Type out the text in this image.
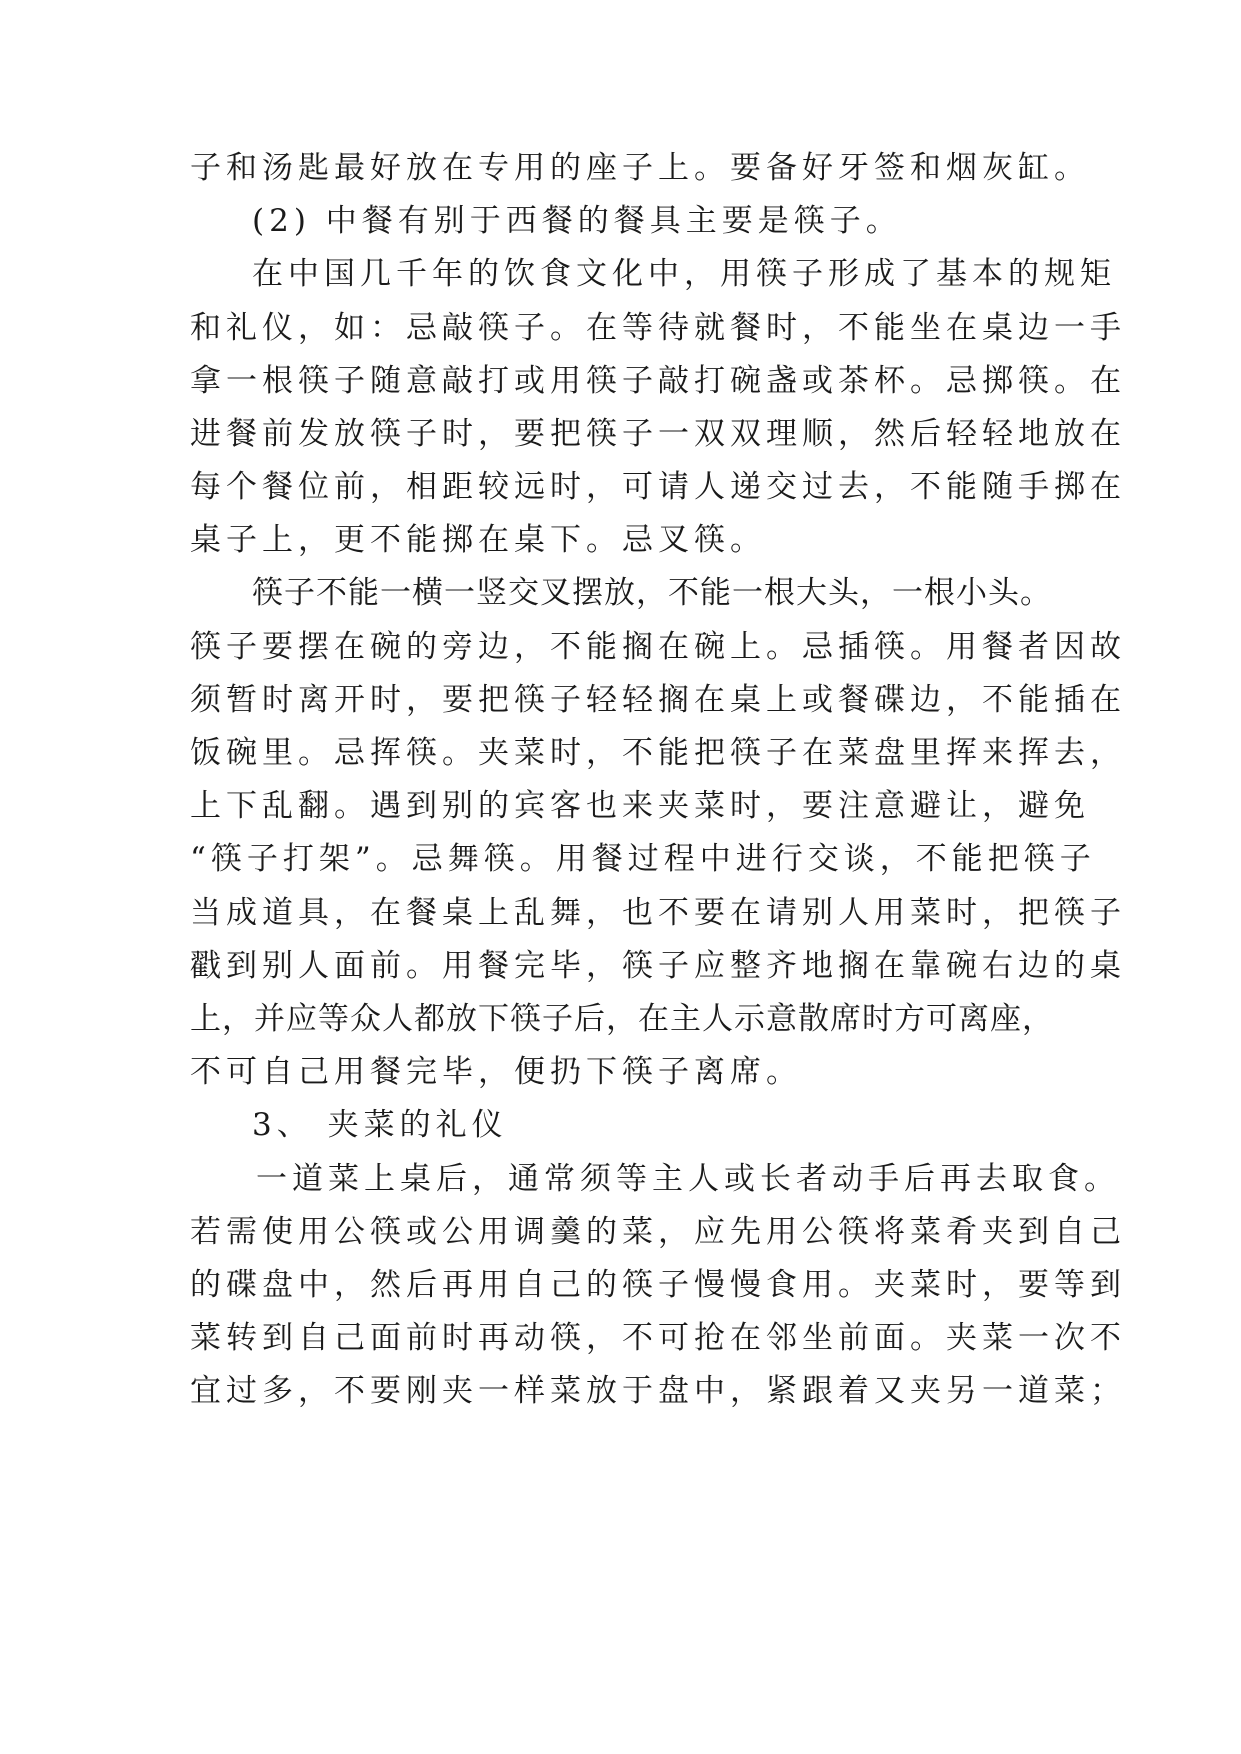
子和汤匙最好放在专用的座子上。要备好牙签和烟灰缸。
(2) 中餐有别于西餐的餐具主要是筷子。
在中国几千年的饮食文化中，用筷子形成了基本的规矩
和礼仪，如：忌敲筷子。在等待就餐时，不能坐在桌边一手
拿一根筷子随意敲打或用筷子敲打碗盏或茶杯。忌掷筷。在
进餐前发放筷子时，要把筷子一双双理顺，然后轻轻地放在
每个餐位前，相距较远时，可请人递交过去，不能随手掷在
桌子上，更不能掷在桌下。忌叉筷。
筷子不能一横一竖交叉摆放，不能一根大头，一根小头。
筷子要摆在碗的旁边，不能搁在碗上。忌插筷。用餐者因故
须暂时离开时，要把筷子轻轻搁在桌上或餐碟边，不能插在
饭碗里。忌挥筷。夹菜时，不能把筷子在菜盘里挥来挥去，
上下乱翻。遇到别的宾客也来夹菜时，要注意避让，避免
“筷子打架”。忌舞筷。用餐过程中进行交谈，不能把筷子
当成道具，在餐桌上乱舞，也不要在请别人用菜时，把筷子
戳到别人面前。用餐完毕，筷子应整齐地搁在靠碗右边的桌
上，并应等众人都放下筷子后，在主人示意散席时方可离座，
不可自己用餐完毕，便扔下筷子离席。
3、 夹菜的礼仪
一道菜上桌后，通常须等主人或长者动手后再去取食。
若需使用公筷或公用调羹的菜，应先用公筷将菜肴夹到自己
的碟盘中，然后再用自己的筷子慢慢食用。夹菜时，要等到
菜转到自己面前时再动筷，不可抢在邻坐前面。夹菜一次不
宜过多，不要刚夹一样菜放于盘中，紧跟着又夹另一道菜；
